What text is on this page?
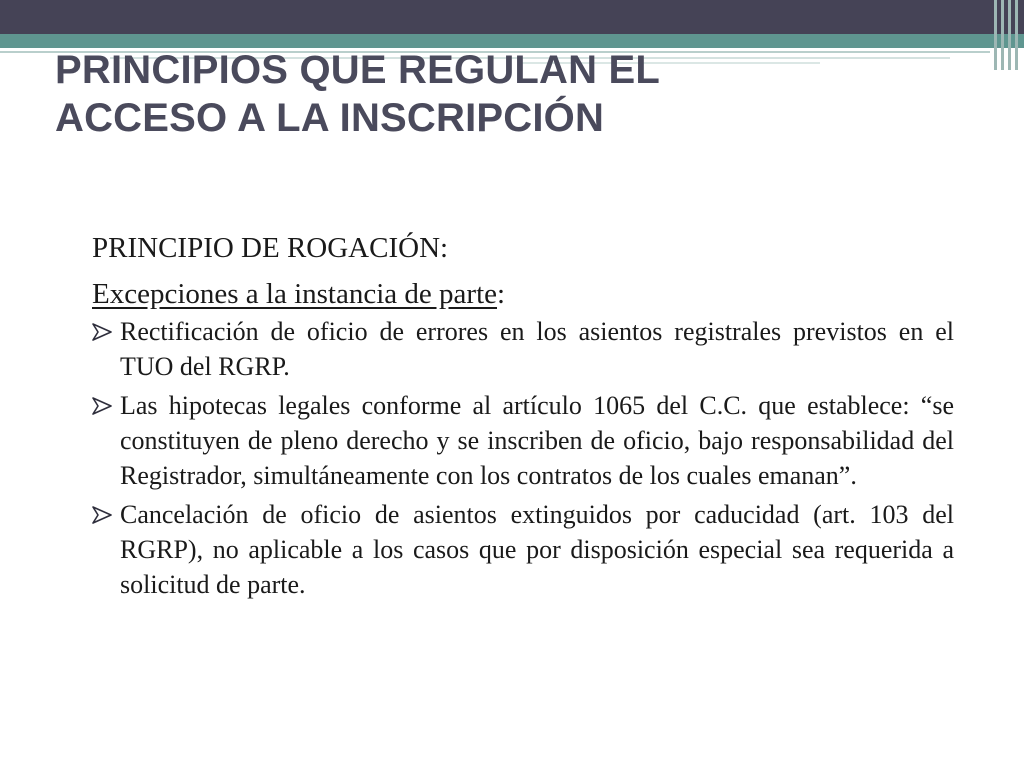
PRINCIPIOS QUE REGULAN EL
ACCESO A LA INSCRIPCIÓN

PRINCIPIO DE ROGACIÓN:

Excepciones a la instancia de parte:

Rectificación de oficio de errores en los asientos registrales previstos en el TUO del RGRP.
Las hipotecas legales conforme al artículo 1065 del C.C. que establece: “se constituyen de pleno derecho y se inscriben de oficio, bajo responsabilidad del Registrador, simultáneamente con los contratos de los cuales emanan”.
Cancelación de oficio de asientos extinguidos por caducidad (art. 103 del RGRP), no aplicable a los casos que por disposición especial sea requerida a solicitud de parte.
